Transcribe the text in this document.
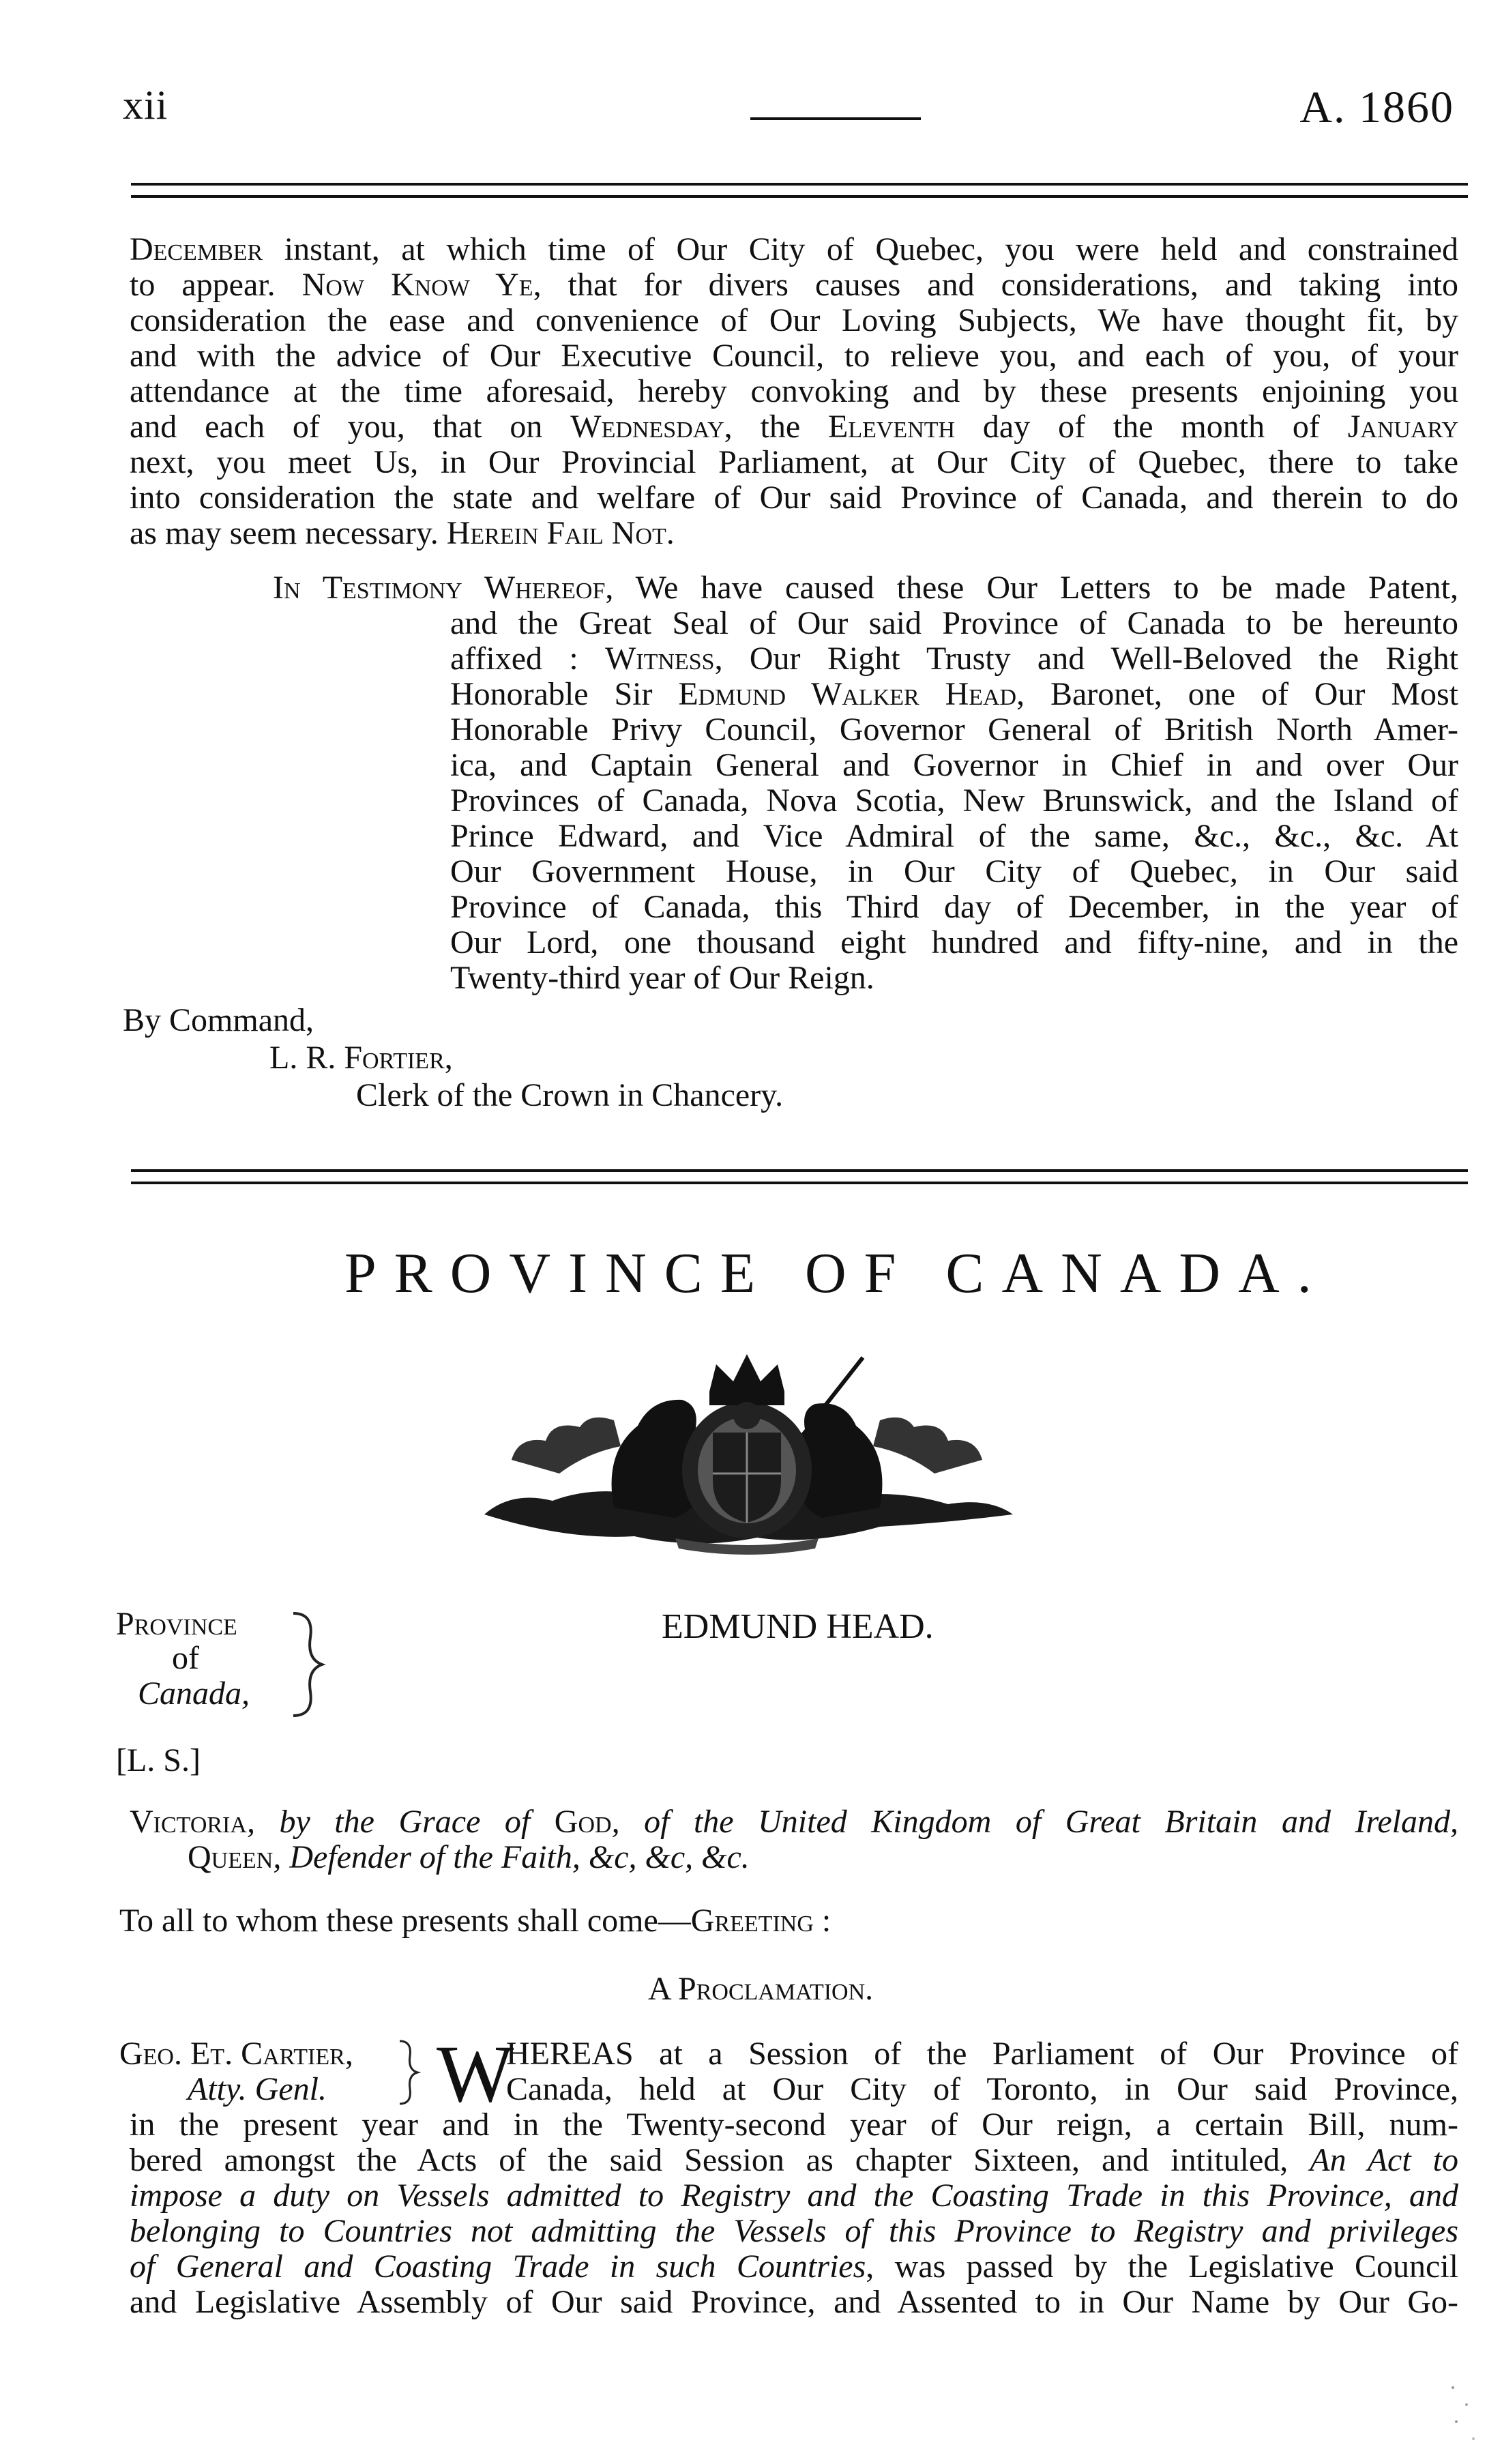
xii	A. 1860
December instant, at which time of Our City of Quebec, you were held and constrained
to appear. Now Know Ye, that for divers causes and considerations, and taking into
consideration the ease and convenience of Our Loving Subjects, We have thought fit, by
and with the advice of Our Executive Council, to relieve you, and each of you, of your
attendance at the time aforesaid, hereby convoking and by these presents enjoining you
and each of you, that on Wednesday, the Eleventh day of the month of January
next, you meet Us, in Our Provincial Parliament, at Our City of Quebec, there to take
into consideration the state and welfare of Our said Province of Canada, and therein to do
as may seem necessary. Herein Fail Not.
In Testimony Whereof, We have caused these Our Letters to be made Patent,
and the Great Seal of Our said Province of Canada to be hereunto
affixed : Witness, Our Right Trusty and Well-Beloved the Right
Honorable Sir Edmund Walker Head, Baronet, one of Our Most
Honorable Privy Council, Governor General of British North Amer-
ica, and Captain General and Governor in Chief in and over Our
Provinces of Canada, Nova Scotia, New Brunswick, and the Island of
Prince Edward, and Vice Admiral of the same, &c., &c., &c. At
Our Government House, in Our City of Quebec, in Our said
Province of Canada, this Third day of December, in the year of
Our Lord, one thousand eight hundred and fifty-nine, and in the
Twenty-third year of Our Reign.
By Command,
L. R. Fortier,
Clerk of the Crown in Chancery.
PROVINCE OF CANADA.
EDMUND HEAD.
Province
of
Canada,
[L. S.]
Victoria, by the Grace of God, of the United Kingdom of Great Britain and Ireland,
Queen, Defender of the Faith, &c, &c, &c.
To all to whom these presents shall come—Greeting :
A Proclamation.
Geo. Et. Cartier,
Atty. Genl. W
HEREAS at a Session of the Parliament of Our Province of
Canada, held at Our City of Toronto, in Our said Province,
in the present year and in the Twenty-second year of Our reign, a certain Bill, num-
bered amongst the Acts of the said Session as chapter Sixteen, and intituled, An Act to
impose a duty on Vessels admitted to Registry and the Coasting Trade in this Province, and
belonging to Countries not admitting the Vessels of this Province to Registry and privileges
of General and Coasting Trade in such Countries, was passed by the Legislative Council
and Legislative Assembly of Our said Province, and Assented to in Our Name by Our Go-
